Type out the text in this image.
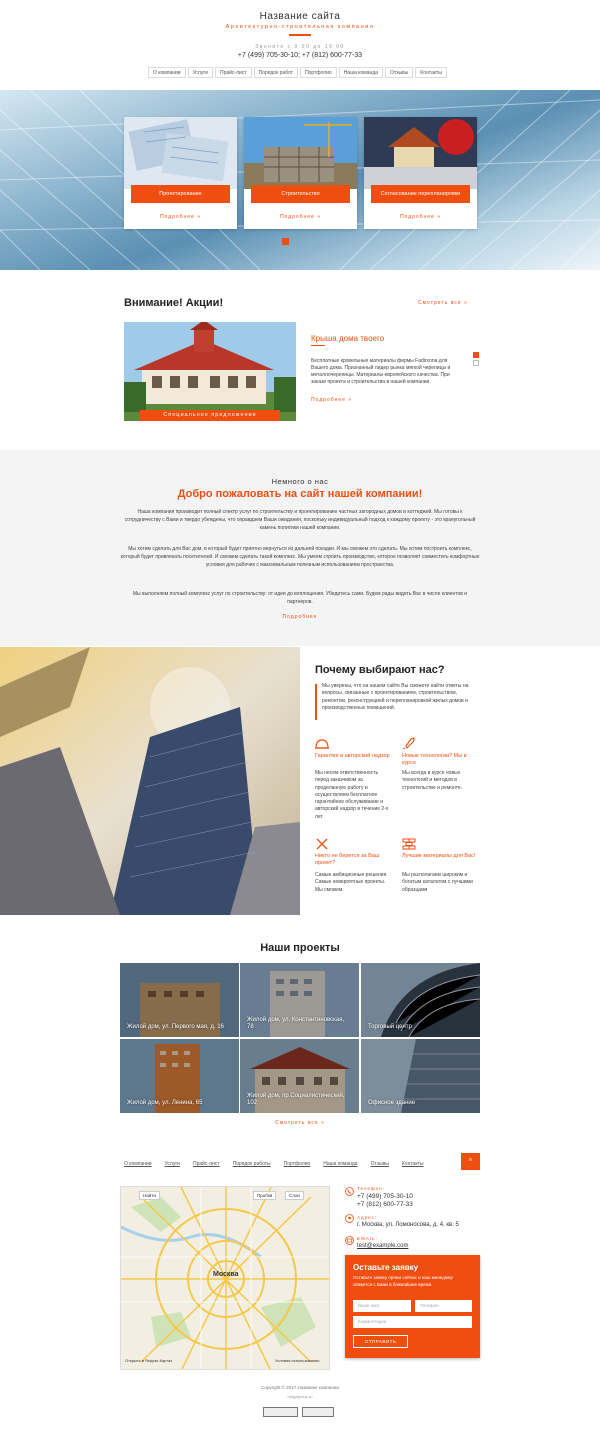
Название сайта
Архитектурно-строительная компания
Звоните с 9:00 до 19:00
+7 (499) 705-30-10; +7 (812) 600-77-33
О компании	Услуги	Прайс-лист	Порядок работ	Портфолио	Наша команда	Отзывы	Контакты
Проектирование
Подробнее »
Строительство
Подробнее »
Согласование перепланировки
Подробнее »
Внимание! Акции!	Смотреть все »
Специальное предложение
Крыша дома твоего
Бесплатные кровельные материалы фирмы Fadirxona для Вашего дома. Признанный лидер рынка мягкой черепицы и металлочерепицы. Материалы европейского качества. При заказе проекта и строительства в нашей компании.
Подробнее »
Немного о нас
Добро пожаловать на сайт нашей компании!
Наша компания производит полный спектр услуг по строительству и проектированию частных загородных домов и коттеджей. Мы готовы к сотрудничеству с Вами и твердо убеждены, что оправдаем Ваши ожидания, поскольку индивидуальный подход к каждому проекту - это краеугольный камень политики нашей компании.
Мы хотим сделать для Вас дом, в который будет приятно вернуться из дальней поездки. И мы сможем это сделать. Мы хотим построить комплекс, который будет привлекать посетителей. И сможем сделать такой комплекс. Мы умеем строить производство, которое позволяет совместить комфортные условия для рабочих с максимальным полезным использованием пространства.
Мы выполняем полный комплекс услуг по строительству: от идеи до воплощения. Убедитесь сами. Будем рады видеть Вас в числе клиентов и партнеров.
Подробнее
Почему выбирают нас?
Мы уверены, что на нашем сайте Вы сможете найти ответы на вопросы, связанные с проектированием, строительством, ремонтом, реконструкцией и перепланировкой жилых домов и производственных помещений.
Гарантия и авторский надзор
Мы несем ответственность перед заказчиком за проделанную работу и осуществляем бесплатное гарантийное обслуживание и авторский надзор в течение 2-х лет.
Новые технологии? Мы в курсе
Мы всегда в курсе новых технологий и методов в строительстве и ремонте.
Никто не берется за Ваш проект?
Самые амбициозные решения. Самые невероятные проекты. Мы сможем.
Лучшие материалы для Вас!
Мы располагаем широким и богатым каталогом с лучшими образцами
Наши проекты
Жилой дом, ул. Первого мая, д. 16
Жилой дом, ул. Константиновская, 78	Торговый центр
Жилой дом, ул. Ленина, 65
Жилой дом, пр.Социалистический, 102	Офисное здание
Смотреть все »
О компании	Услуги	Прайс-лист	Порядок работы	Портфолио	Наша команда	Отзывы	Контакты	^
Найти	Пробки	Слои
Москва
Открыть в Яндекс.Картах	Условия использования
Телефон:
+7 (499) 705-30-10
+7 (812) 600-77-33
Адрес:
г. Москва, ул. Ломоносова, д. 4, кв. 5
EMAIL:
test@example.com
Оставьте заявку
Оставьте заявку прямо сейчас и наш менеджер свяжется с Вами в ближайшее время.
Ваше имя	Телефон
Комментарии
ОТПРАВИТЬ
Copyright © 2017 Название компании
megagroup.ru
